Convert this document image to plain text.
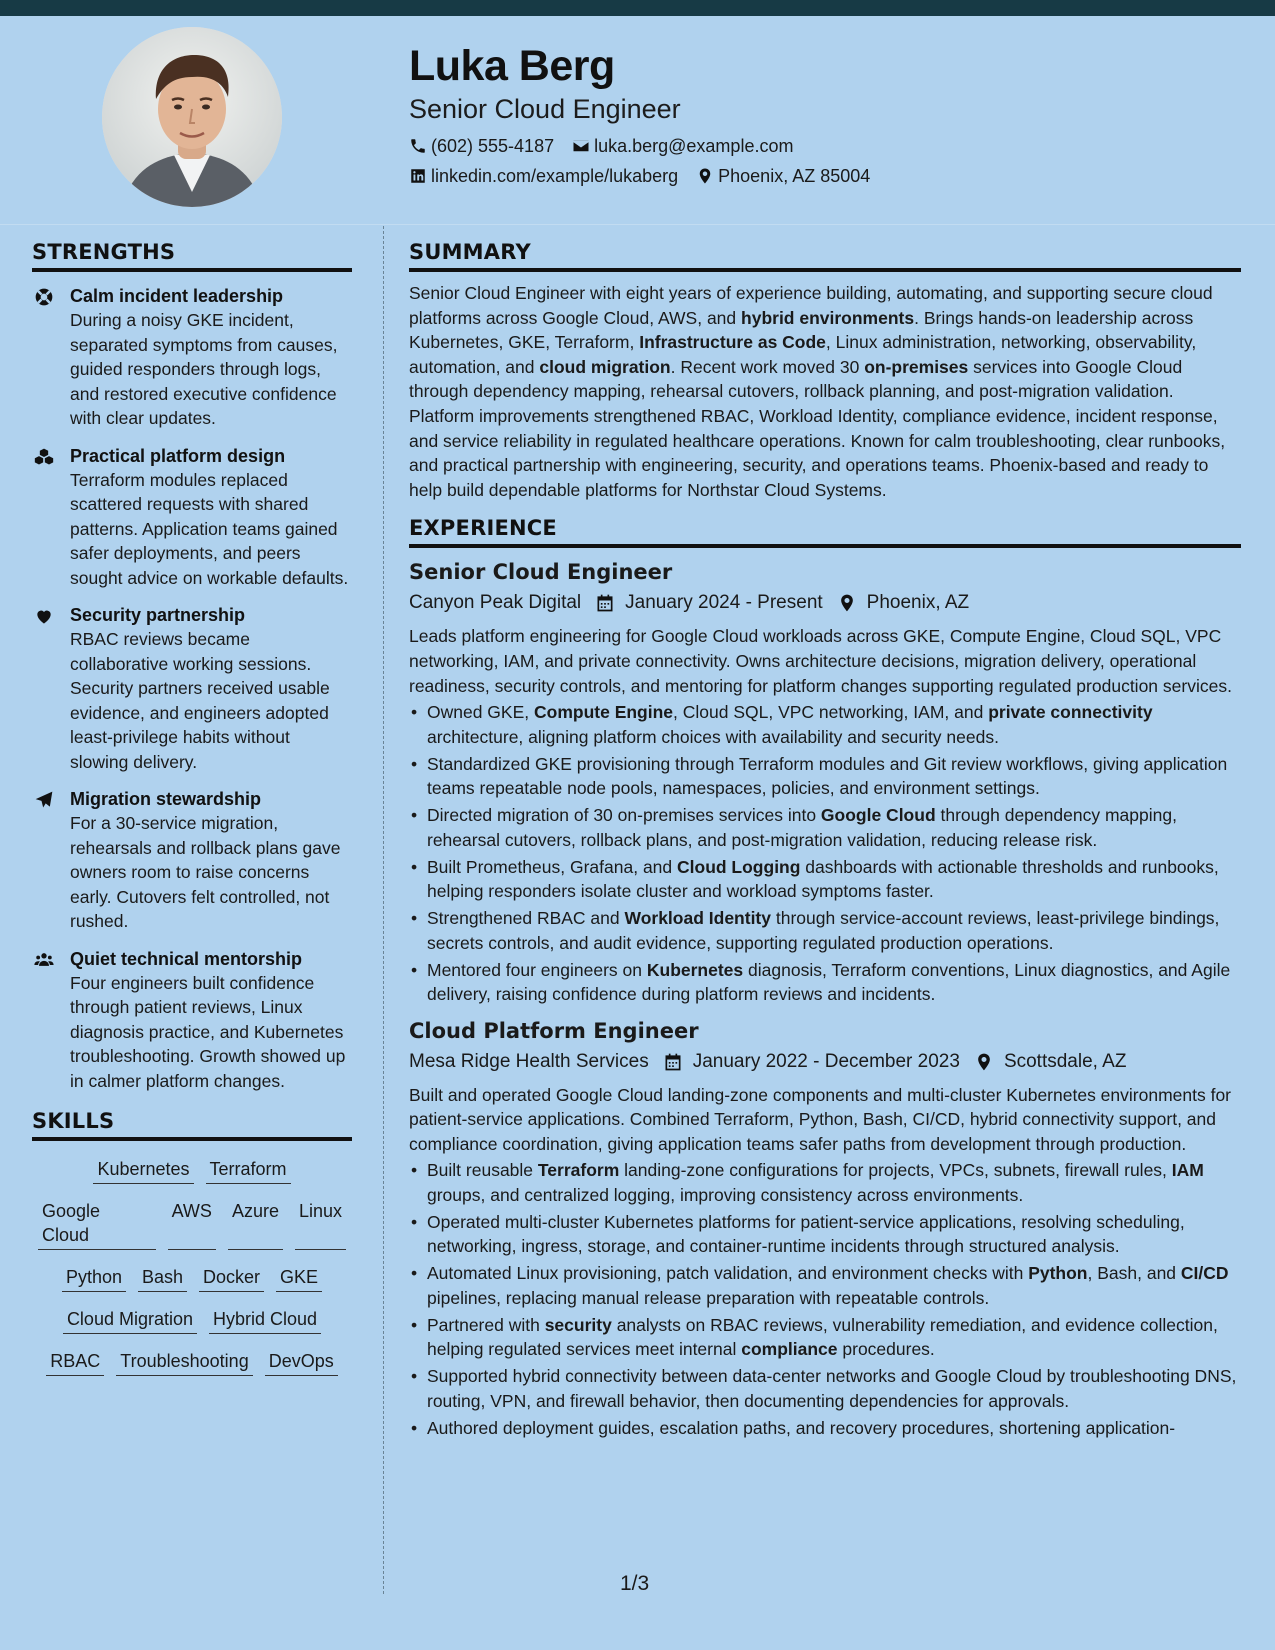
Luka Berg
Senior Cloud Engineer
(602) 555-4187 luka.berg@example.com
linkedin.com/example/lukaberg Phoenix, AZ 85004
STRENGTHS
Calm incident leadership
During a noisy GKE incident, separated symptoms from causes, guided responders through logs, and restored executive confidence with clear updates.
Practical platform design
Terraform modules replaced scattered requests with shared patterns. Application teams gained safer deployments, and peers sought advice on workable defaults.
Security partnership
RBAC reviews became collaborative working sessions. Security partners received usable evidence, and engineers adopted least-privilege habits without slowing delivery.
Migration stewardship
For a 30-service migration, rehearsals and rollback plans gave owners room to raise concerns early. Cutovers felt controlled, not rushed.
Quiet technical mentorship
Four engineers built confidence through patient reviews, Linux diagnosis practice, and Kubernetes troubleshooting. Growth showed up in calmer platform changes.
SKILLS
Kubernetes Terraform
Google Cloud
AWS Azure Linux
Python Bash Docker GKE
Cloud Migration Hybrid Cloud
RBAC Troubleshooting DevOps
SUMMARY

Senior Cloud Engineer with eight years of experience building, automating, and supporting secure cloud platforms across Google Cloud, AWS, and hybrid environments. Brings hands-on leadership across Kubernetes, GKE, Terraform, Infrastructure as Code, Linux administration, networking, observability, automation, and cloud migration. Recent work moved 30 on-premises services into Google Cloud through dependency mapping, rehearsal cutovers, rollback planning, and post-migration validation. Platform improvements strengthened RBAC, Workload Identity, compliance evidence, incident response, and service reliability in regulated healthcare operations. Known for calm troubleshooting, clear runbooks, and practical partnership with engineering, security, and operations teams. Phoenix-based and ready to help build dependable platforms for Northstar Cloud Systems.

EXPERIENCE
Senior Cloud Engineer
Canyon Peak Digital January 2024 - Present Phoenix, AZ
Leads platform engineering for Google Cloud workloads across GKE, Compute Engine, Cloud SQL, VPC networking, IAM, and private connectivity. Owns architecture decisions, migration delivery, operational readiness, security controls, and mentoring for platform changes supporting regulated production services.
• Owned GKE, Compute Engine, Cloud SQL, VPC networking, IAM, and private connectivity architecture, aligning platform choices with availability and security needs.
• Standardized GKE provisioning through Terraform modules and Git review workflows, giving application teams repeatable node pools, namespaces, policies, and environment settings.
• Directed migration of 30 on-premises services into Google Cloud through dependency mapping, rehearsal cutovers, rollback plans, and post-migration validation, reducing release risk.
• Built Prometheus, Grafana, and Cloud Logging dashboards with actionable thresholds and runbooks, helping responders isolate cluster and workload symptoms faster.
• Strengthened RBAC and Workload Identity through service-account reviews, least-privilege bindings, secrets controls, and audit evidence, supporting regulated production operations.
• Mentored four engineers on Kubernetes diagnosis, Terraform conventions, Linux diagnostics, and Agile delivery, raising confidence during platform reviews and incidents.
Cloud Platform Engineer
Mesa Ridge Health Services January 2022 - December 2023 Scottsdale, AZ
Built and operated Google Cloud landing-zone components and multi-cluster Kubernetes environments for patient-service applications. Combined Terraform, Python, Bash, CI/CD, hybrid connectivity support, and compliance coordination, giving application teams safer paths from development through production.
• Built reusable Terraform landing-zone configurations for projects, VPCs, subnets, firewall rules, IAM groups, and centralized logging, improving consistency across environments.
• Operated multi-cluster Kubernetes platforms for patient-service applications, resolving scheduling, networking, ingress, storage, and container-runtime incidents through structured analysis.
• Automated Linux provisioning, patch validation, and environment checks with Python, Bash, and CI/CD pipelines, replacing manual release preparation with repeatable controls.
• Partnered with security analysts on RBAC reviews, vulnerability remediation, and evidence collection, helping regulated services meet internal compliance procedures.
• Supported hybrid connectivity between data-center networks and Google Cloud by troubleshooting DNS, routing, VPN, and firewall behavior, then documenting dependencies for approvals.
• Authored deployment guides, escalation paths, and recovery procedures, shortening application-
1/3
